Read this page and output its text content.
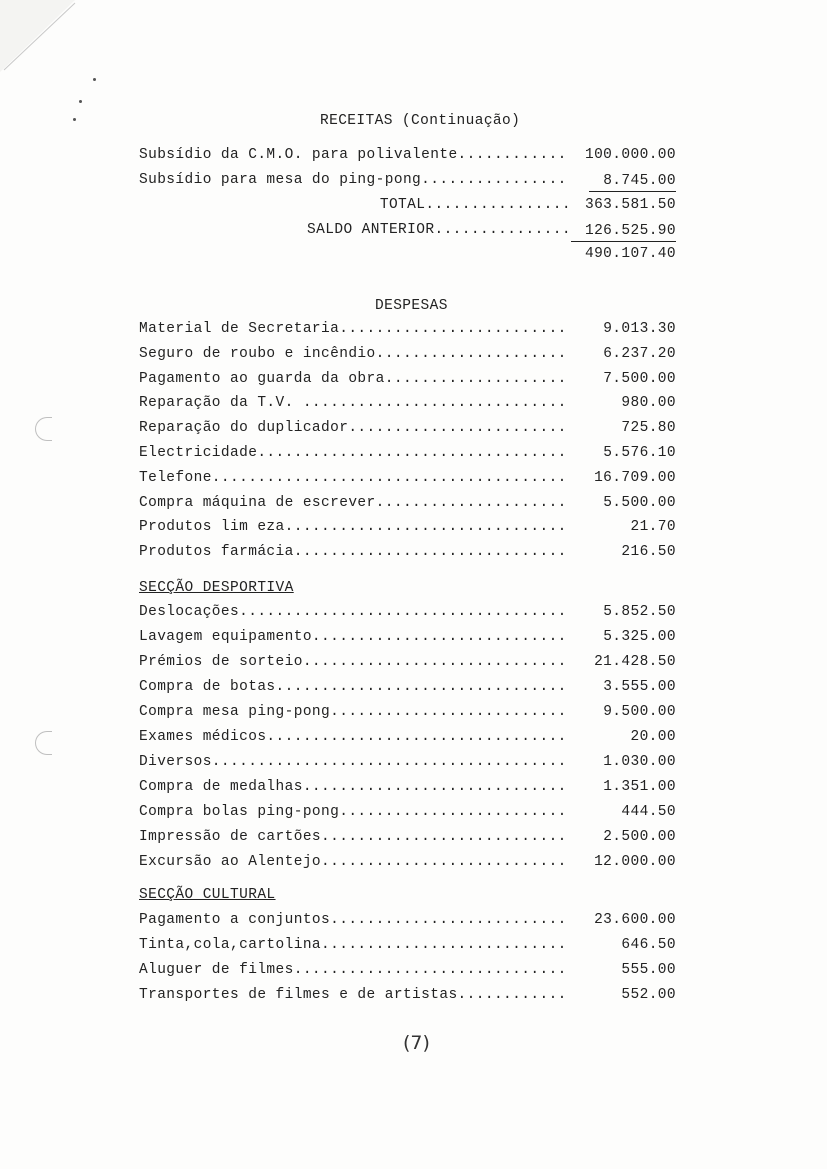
RECEITAS (Continuação)
Subsídio da C.M.O. para polivalente............	100.000.00
Subsídio para mesa do ping-pong................	8.745.00
TOTAL................ 363.581.50
SALDO ANTERIOR............... 126.525.90
490.107.40
DESPESAS
Material de Secretaria.........................	9.013.30
Seguro de roubo e incêndio.....................	6.237.20
Pagamento ao guarda da obra....................	7.500.00
Reparação da T.V. .............................	980.00
Reparação do duplicador........................	725.80
Electricidade..................................	5.576.10
Telefone.......................................	16.709.00
Compra máquina de escrever.....................	5.500.00
Produtos lim eza...............................	21.70
Produtos farmácia..............................	216.50
SECÇÃO DESPORTIVA
Deslocações....................................	5.852.50
Lavagem equipamento............................	5.325.00
Prémios de sorteio.............................	21.428.50
Compra de botas................................	3.555.00
Compra mesa ping-pong..........................	9.500.00
Exames médicos.................................	20.00
Diversos.......................................	1.030.00
Compra de medalhas.............................	1.351.00
Compra bolas ping-pong.........................	444.50
Impressão de cartões...........................	2.500.00
Excursão ao Alentejo...........................	12.000.00
SECÇÃO CULTURAL
Pagamento a conjuntos..........................	23.600.00
Tinta,cola,cartolina...........................	646.50
Aluguer de filmes..............................	555.00
Transportes de filmes e de artistas............	552.00
(7)
